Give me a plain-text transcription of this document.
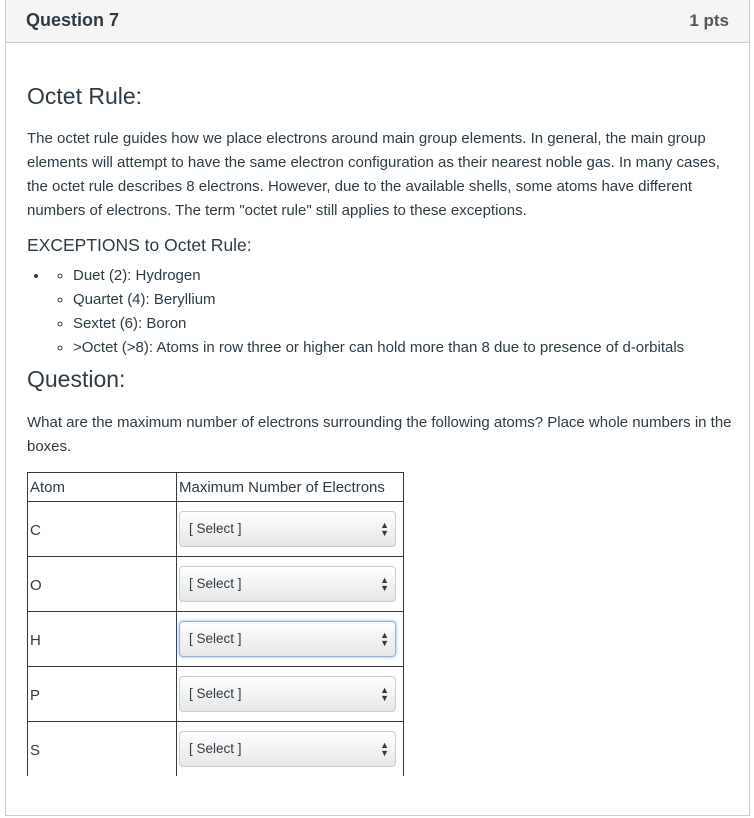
Question 7	1 pts
Octet Rule:

The octet rule guides how we place electrons around main group elements. In general, the main group elements will attempt to have the same electron configuration as their nearest noble gas. In many cases, the octet rule describes 8 electrons. However, due to the available shells, some atoms have different numbers of electrons. The term "octet rule" still applies to these exceptions.

EXCEPTIONS to Octet Rule:
◦ • Duet (2): Hydrogen
◦ Quartet (4): Beryllium
◦ Sextet (6): Boron
◦ >Octet (>8): Atoms in row three or higher can hold more than 8 due to presence of d-orbitals
Question:

What are the maximum number of electrons surrounding the following atoms? Place whole numbers in the boxes.

Atom	Maximum Number of Electrons
C	[ Select ] ▲
▼

O	[ Select ] ▲
▼

H	[ Select ] ▲
▼

P	[ Select ] ▲
▼

S	[ Select ] ▲
▼
